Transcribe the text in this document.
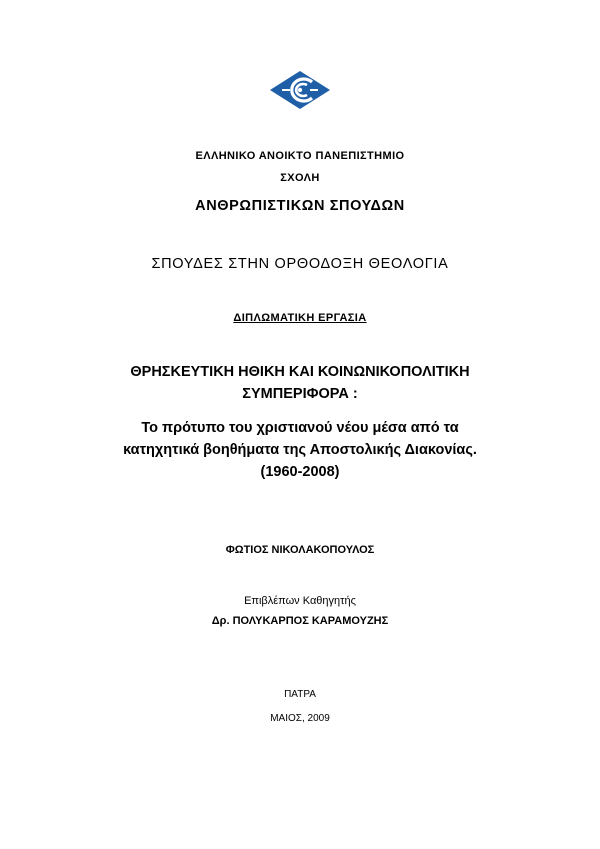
ΕΛΛΗΝΙΚΟ ΑΝΟΙΚΤΟ ΠΑΝΕΠΙΣΤΗΜΙΟ
ΣΧΟΛΗ
ΑΝΘΡΩΠΙΣΤΙΚΩΝ ΣΠΟΥΔΩΝ
ΣΠΟΥΔΕΣ ΣΤΗΝ ΟΡΘΟΔΟΞΗ ΘΕΟΛΟΓΙΑ
ΔΙΠΛΩΜΑΤΙΚΗ ΕΡΓΑΣΙΑ
ΘΡΗΣΚΕΥΤΙΚΗ ΗΘΙΚΗ ΚΑΙ ΚΟΙΝΩΝΙΚΟΠΟΛΙΤΙΚΗ
ΣΥΜΠΕΡΙΦΟΡΑ :
Το πρότυπο του χριστιανού νέου μέσα από τα
κατηχητικά βοηθήματα της Αποστολικής Διακονίας.
(1960-2008)
ΦΩΤΙΟΣ ΝΙΚΟΛΑΚΟΠΟΥΛΟΣ
Επιβλέπων Καθηγητής
Δρ. ΠΟΛΥΚΑΡΠΟΣ ΚΑΡΑΜΟΥΖΗΣ
ΠΑΤΡΑ
ΜΑΙΟΣ, 2009
